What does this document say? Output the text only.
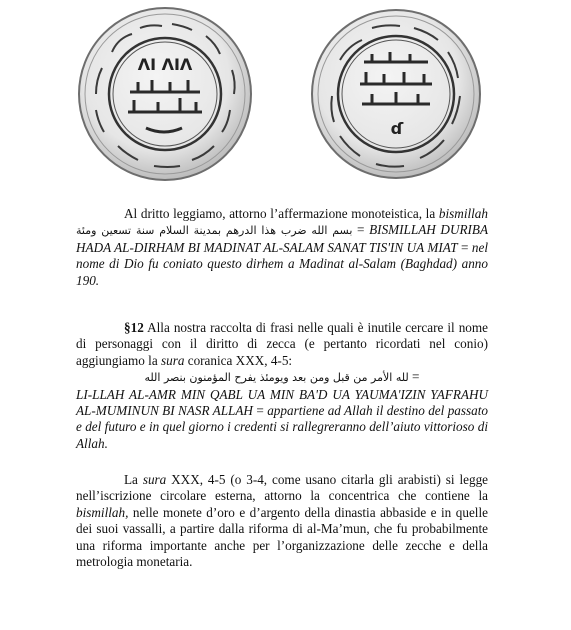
ΛΙ ΛΙΛ
ɗ

Al dritto leggiamo, attorno l’affermazione monoteistica, la bismillah بسم الله ضرب هذا الدرهم بمدينة السلام سنة تسعين ومئة = BISMILLAH DURIBA HADA AL-DIRHAM BI MADINAT AL-SALAM SANAT TIS'IN UA MIAT = nel nome di Dio fu coniato questo dirhem a Madinat al-Salam (Baghdad) anno 190.

§12 Alla nostra raccolta di frasi nelle quali è inutile cercare il nome di personaggi con il diritto di zecca (e pertanto ricordati nel conio) aggiungiamo la sura coranica XXX, 4-5:

لله الأمر من قبل ومن بعد ويومئذ يفرح المؤمنون بنصر الله =

LI-LLAH AL-AMR MIN QABL UA MIN BA'D UA YAUMA'IZIN YAFRAHU AL-MUMINUN BI NASR ALLAH = appartiene ad Allah il destino del passato e del futuro e in quel giorno i credenti si rallegreranno dell’aiuto vittorioso di Allah.

La sura XXX, 4-5 (o 3-4, come usano citarla gli arabisti) si legge nell’iscrizione circolare esterna, attorno la concentrica che contiene la bismillah, nelle monete d’oro e d’argento della dinastia abbaside e in quelle dei suoi vassalli, a partire dalla riforma di al-Ma’mun, che fu probabilmente una riforma importante anche per l’organizzazione delle zecche e della metrologia monetaria.
